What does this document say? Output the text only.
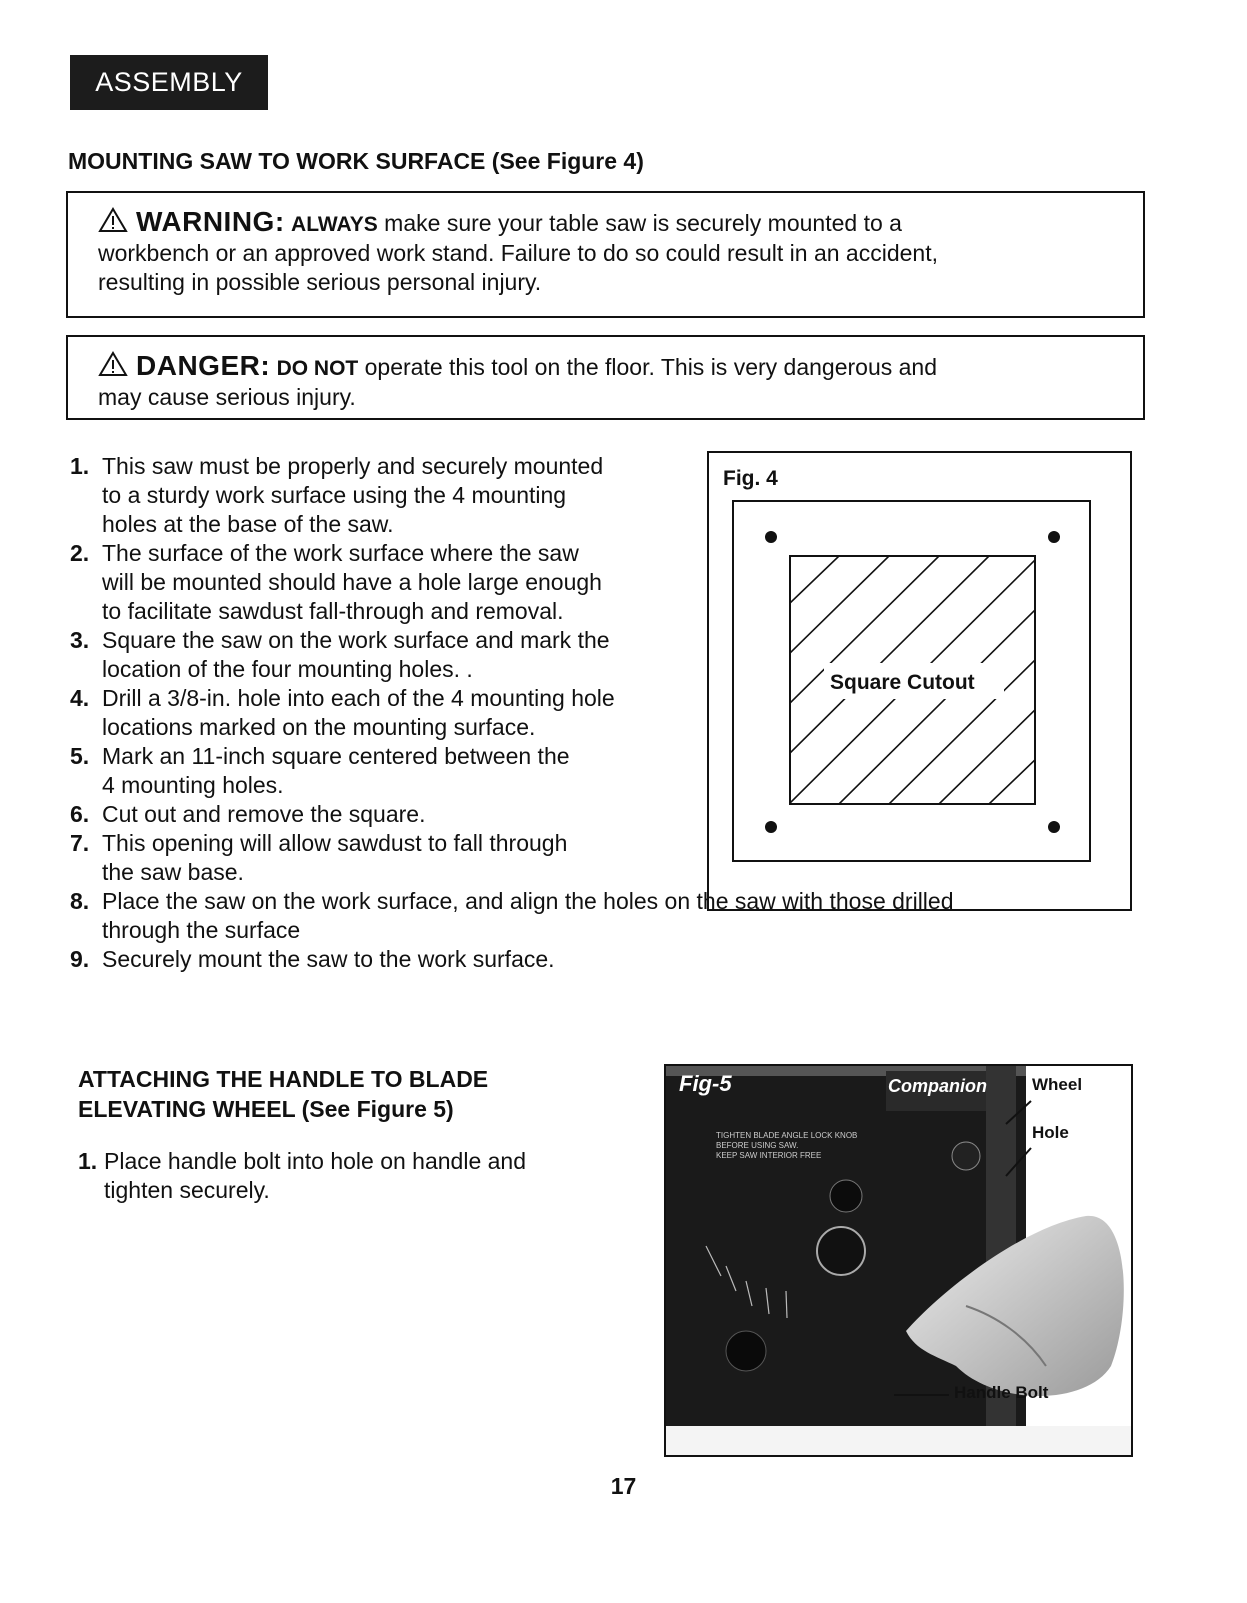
ASSEMBLY
MOUNTING SAW TO WORK SURFACE (See Figure 4)
WARNING: ALWAYS make sure your table saw is securely mounted to a
workbench or an approved work stand. Failure to do so could result in an accident,
resulting in possible serious personal injury.
DANGER: DO NOT operate this tool on the floor. This is very dangerous and
may cause serious injury.
1. This saw must be properly and securely mounted
to a sturdy work surface using the 4 mounting
holes at the base of the saw.
2. The surface of the work surface where the saw
will be mounted should have a hole large enough
to facilitate sawdust fall-through and removal.
3. Square the saw on the work surface and mark the
location of the four mounting holes. .
4. Drill a 3/8-in. hole into each of the 4 mounting hole
locations marked on the mounting surface.
5. Mark an 11-inch square centered between the
4 mounting holes.
6. Cut out and remove the square.
7. This opening will allow sawdust to fall through
the saw base.
8. Place the saw on the work surface, and align the holes on the saw with those drilled
through the surface
9. Securely mount the saw to the work surface.
Fig. 4
Square Cutout
ATTACHING THE HANDLE TO BLADE
ELEVATING WHEEL (See Figure 5)
1. Place handle bolt into hole on handle and
tighten securely.
TIGHTEN BLADE ANGLE LOCK KNOB
BEFORE USING SAW.
KEEP SAW INTERIOR FREE
Fig-5	Companion	Wheel
Hole
Handle Bolt
17
